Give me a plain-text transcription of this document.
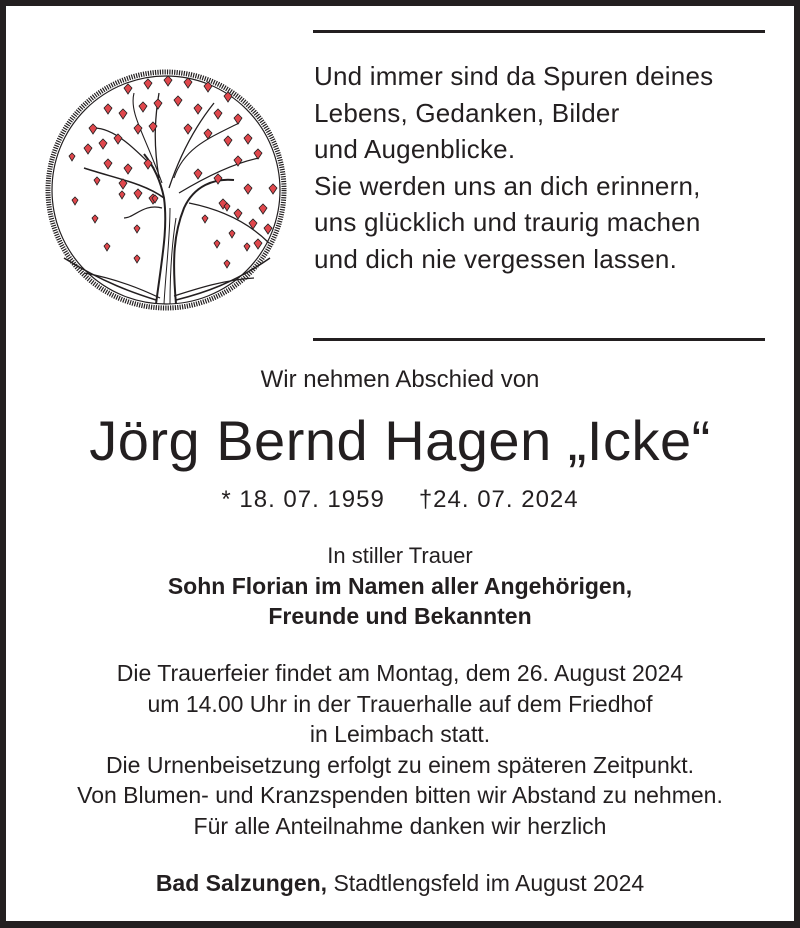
Und immer sind da Spuren deines
Lebens, Gedanken, Bilder
und Augenblicke.
Sie werden uns an dich erinnern,
uns glücklich und traurig machen
und dich nie vergessen lassen.
Wir nehmen Abschied von
Jörg Bernd Hagen „Icke“
* 18. 07. 1959 †24. 07. 2024
In stiller Trauer
Sohn Florian im Namen aller Angehörigen,
Freunde und Bekannten
Die Trauerfeier findet am Montag, dem 26. August 2024
um 14.00 Uhr in der Trauerhalle auf dem Friedhof
in Leimbach statt.
Die Urnenbeisetzung erfolgt zu einem späteren Zeitpunkt.
Von Blumen- und Kranzspenden bitten wir Abstand zu nehmen.
Für alle Anteilnahme danken wir herzlich
Bad Salzungen, Stadtlengsfeld im August 2024
